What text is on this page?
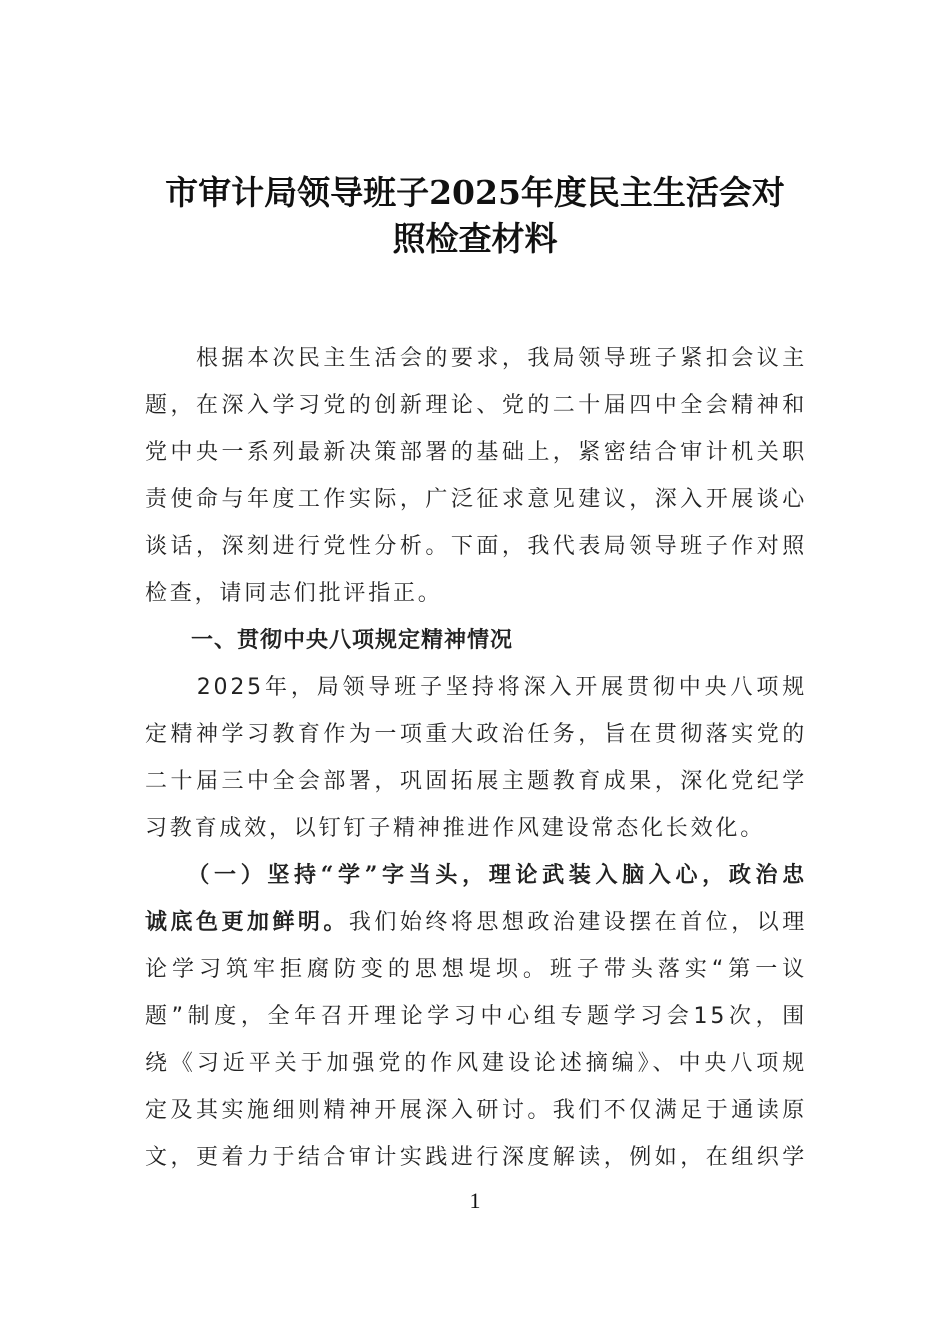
市审计局领导班子2025年度民主生活会对
照检查材料
　　根据本次民主生活会的要求，我局领导班子紧扣会议主
题，在深入学习党的创新理论、党的二十届四中全会精神和
党中央一系列最新决策部署的基础上，紧密结合审计机关职
责使命与年度工作实际，广泛征求意见建议，深入开展谈心
谈话，深刻进行党性分析。下面，我代表局领导班子作对照
检查，请同志们批评指正。
　　一、贯彻中央八项规定精神情况
　　2025年，局领导班子坚持将深入开展贯彻中央八项规
定精神学习教育作为一项重大政治任务，旨在贯彻落实党的
二十届三中全会部署，巩固拓展主题教育成果，深化党纪学
习教育成效，以钉钉子精神推进作风建设常态化长效化。
　　（一）坚持“学”字当头，理论武装入脑入心，政治忠
诚底色更加鲜明。我们始终将思想政治建设摆在首位，以理
论学习筑牢拒腐防变的思想堤坝。班子带头落实“第一议
题”制度，全年召开理论学习中心组专题学习会15次，围
绕《习近平关于加强党的作风建设论述摘编》、中央八项规
定及其实施细则精神开展深入研讨。我们不仅满足于通读原
文，更着力于结合审计实践进行深度解读，例如，在组织学
1
